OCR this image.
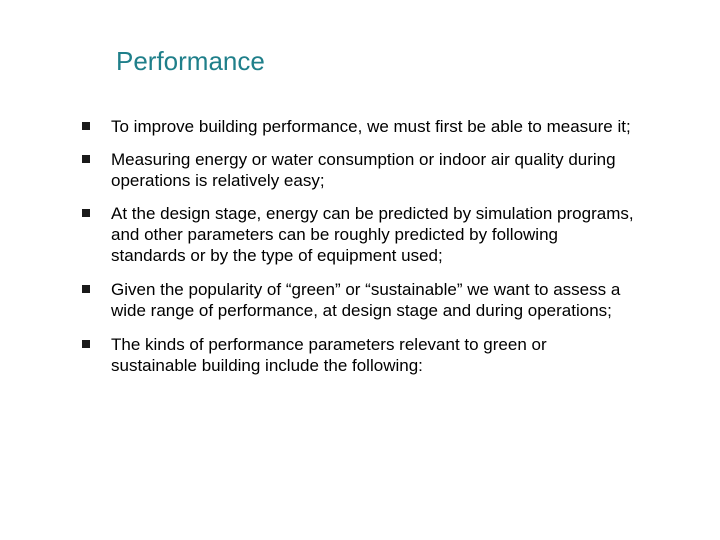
Performance
To improve building performance, we must first be able to measure it;
Measuring energy or water consumption or indoor air quality during
operations is relatively easy;
At the design stage, energy can be predicted by simulation programs,
and other parameters can be roughly predicted by following
standards or by the type of equipment used;
Given the popularity of “green” or “sustainable” we want to assess a
wide range of performance, at design stage and during operations;
The kinds of performance parameters relevant to green or
sustainable building include the following:
